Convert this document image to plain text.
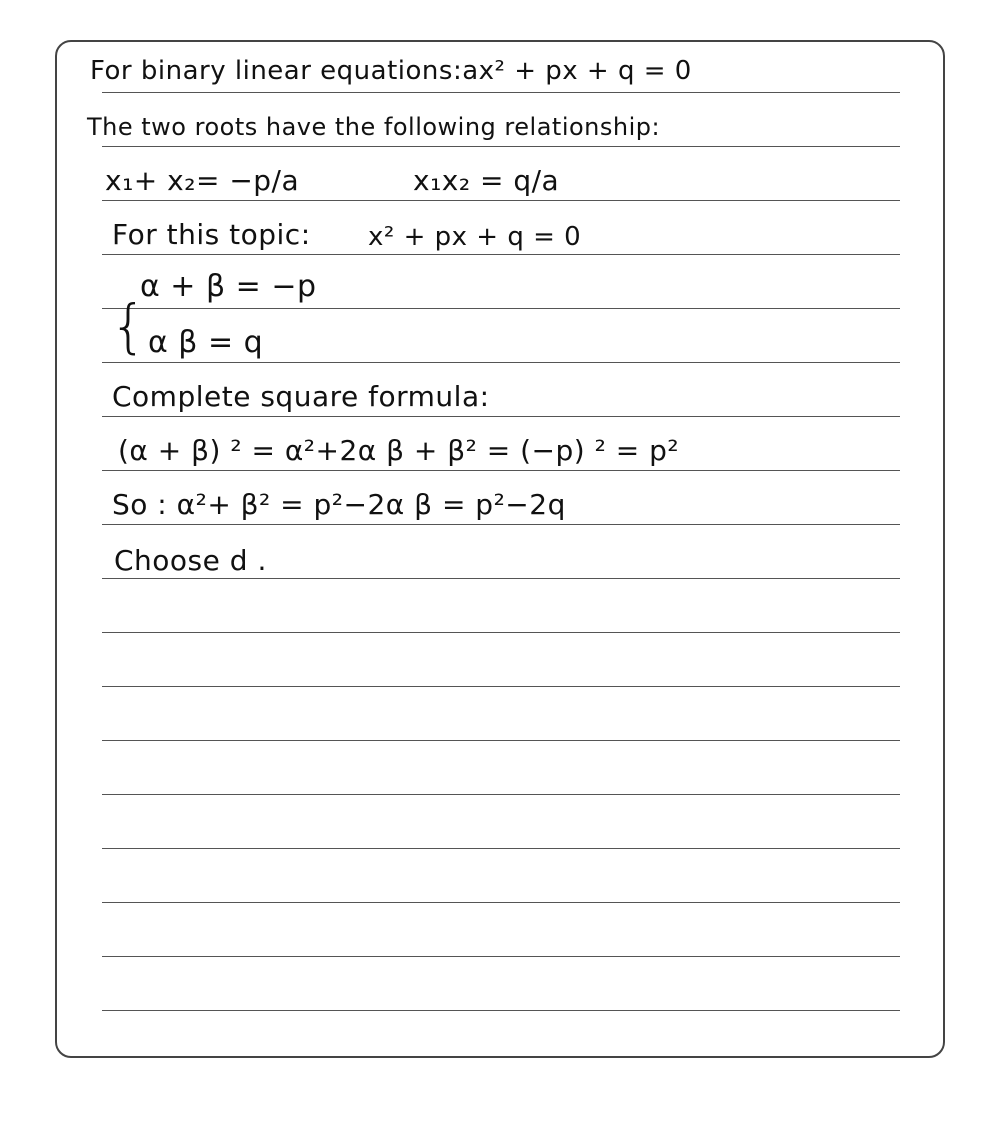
For binary linear equations:ax² + px + q = 0
The two roots have the following relationship:
x₁+ x₂= −p/a	x₁x₂ = q/a
For this topic: x² + px + q = 0
{
α + β = −p
α β = q
Complete square formula:
(α + β) ² = α²+2α β + β² = (−p) ² = p²
So : α²+ β² = p²−2α β = p²−2q
Choose d .
